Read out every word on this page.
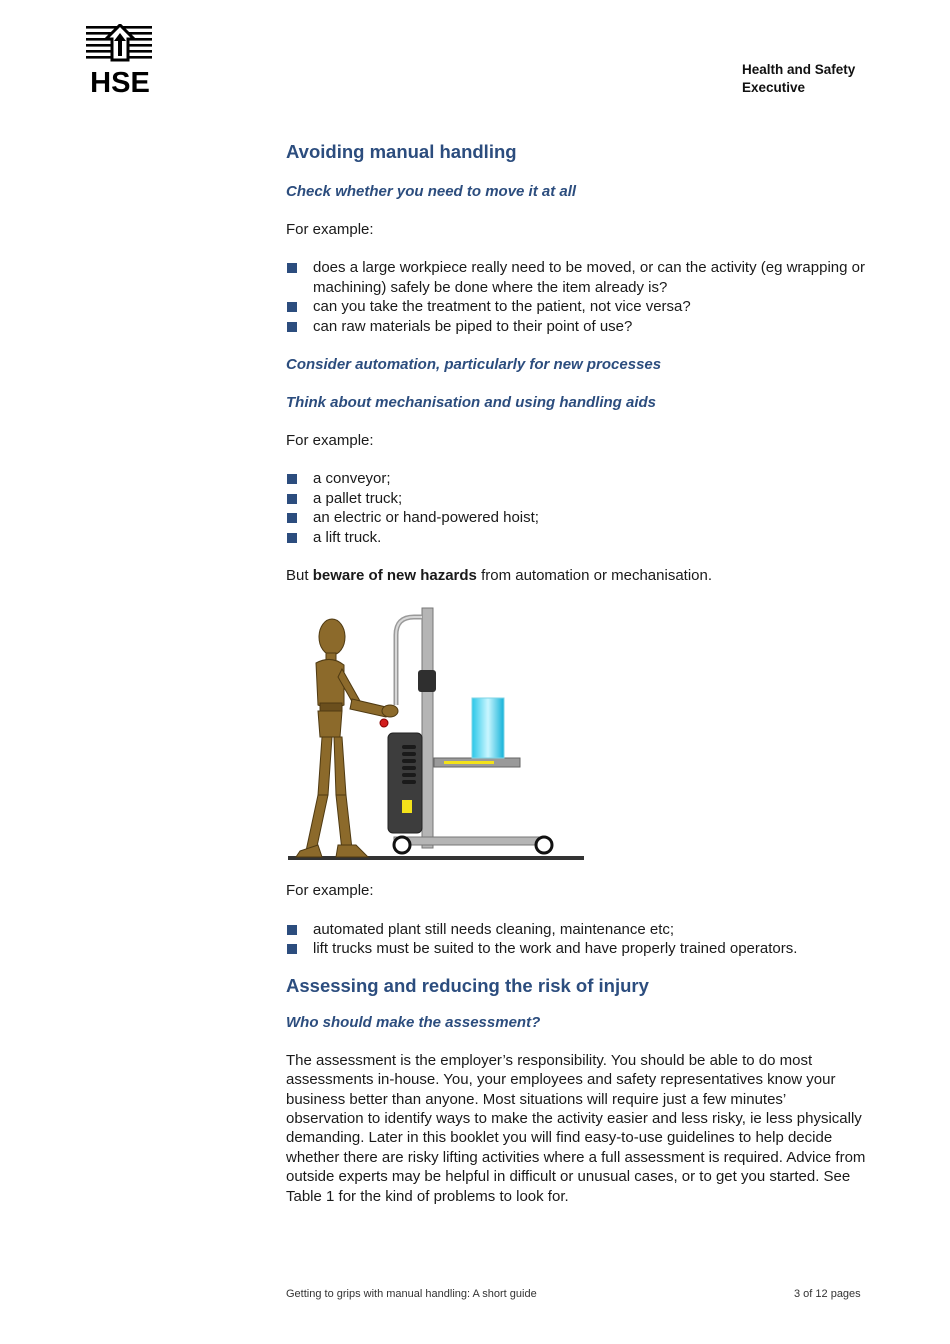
HSE	Health and Safety
Executive
Avoiding manual handling

Check whether you need to move it at all

For example:

does a large workpiece really need to be moved, or can the activity (eg wrapping or machining) safely be done where the item already is?
can you take the treatment to the patient, not vice versa?
can raw materials be piped to their point of use?

Consider automation, particularly for new processes

Think about mechanisation and using handling aids

For example:

a conveyor;
a pallet truck;
an electric or hand-powered hoist;
a lift truck.

But beware of new hazards from automation or mechanisation.

For example:

automated plant still needs cleaning, maintenance etc;
lift trucks must be suited to the work and have properly trained operators.
Assessing and reducing the risk of injury

Who should make the assessment?

The assessment is the employer’s responsibility. You should be able to do most assessments in-house. You, your employees and safety representatives know your business better than anyone. Most situations will require just a few minutes’ observation to identify ways to make the activity easier and less risky, ie less physically demanding. Later in this booklet you will find easy-to-use guidelines to help decide whether there are risky lifting activities where a full assessment is required. Advice from outside experts may be helpful in difficult or unusual cases, or to get you started. See Table 1 for the kind of problems to look for.

Getting to grips with manual handling: A short guide	3 of 12 pages
